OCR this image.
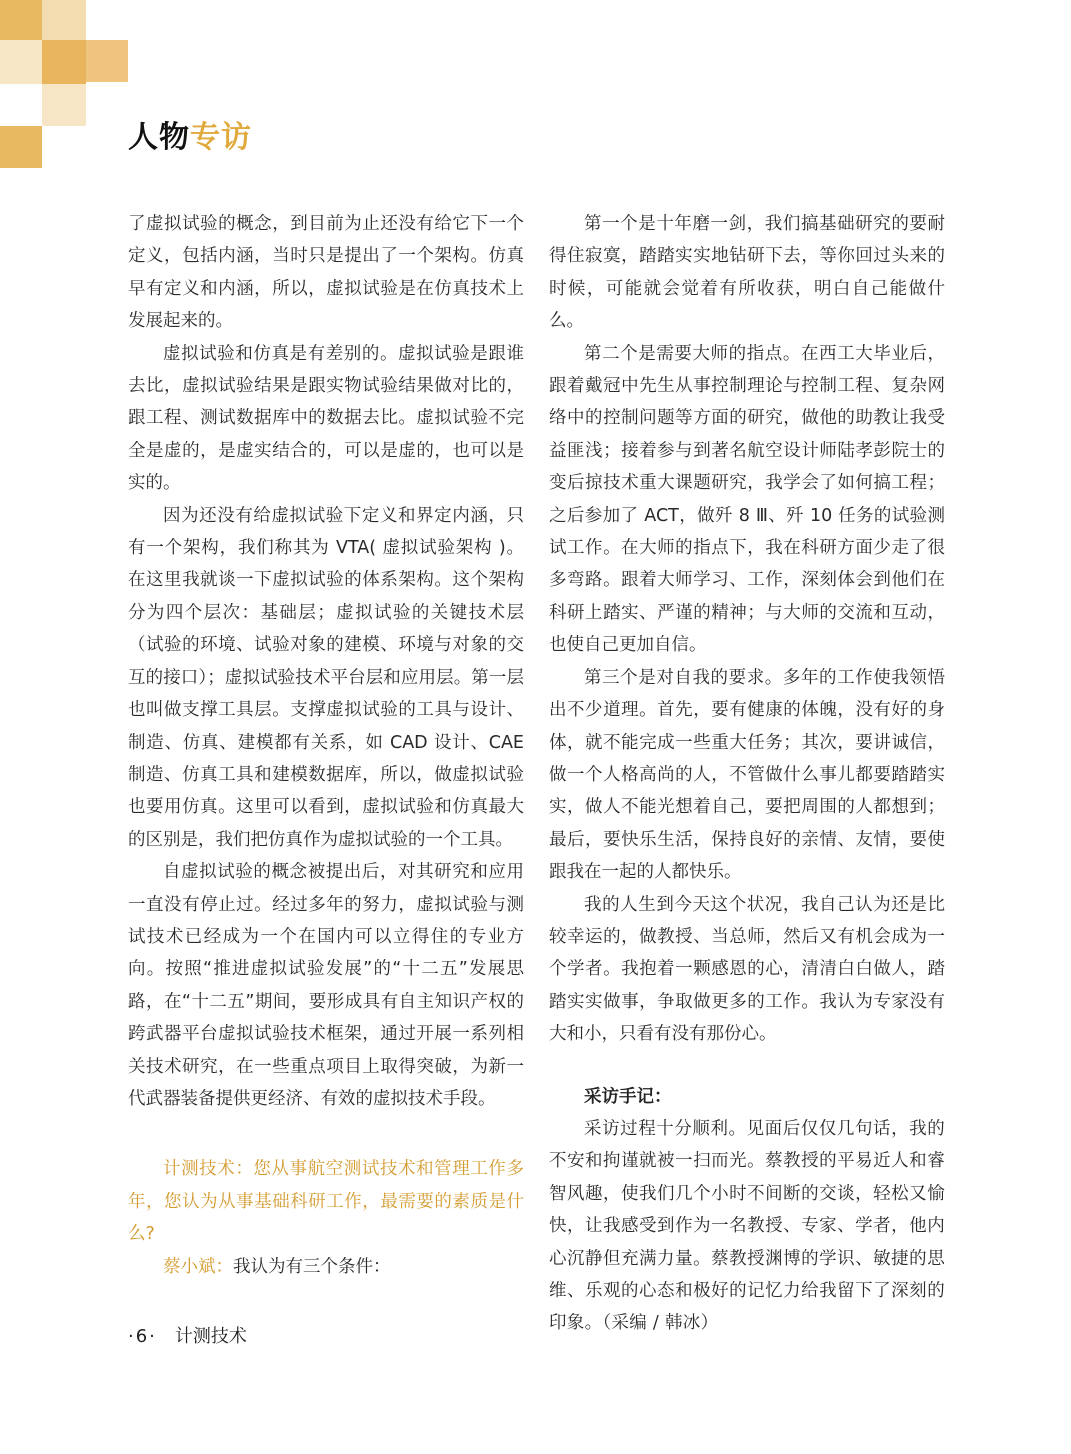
人物专访

了虚拟试验的概念，到目前为止还没有给它下一个定义，包括内涵，当时只是提出了一个架构。仿真早有定义和内涵，所以，虚拟试验是在仿真技术上发展起来的。

虚拟试验和仿真是有差别的。虚拟试验是跟谁去比，虚拟试验结果是跟实物试验结果做对比的，跟工程、测试数据库中的数据去比。虚拟试验不完全是虚的，是虚实结合的，可以是虚的，也可以是实的。

因为还没有给虚拟试验下定义和界定内涵，只有一个架构，我们称其为 VTA( 虚拟试验架构 )。在这里我就谈一下虚拟试验的体系架构。这个架构分为四个层次：基础层；虚拟试验的关键技术层（试验的环境、试验对象的建模、环境与对象的交互的接口）；虚拟试验技术平台层和应用层。第一层也叫做支撑工具层。支撑虚拟试验的工具与设计、制造、仿真、建模都有关系，如 CAD 设计、CAE 制造、仿真工具和建模数据库，所以，做虚拟试验也要用仿真。这里可以看到，虚拟试验和仿真最大的区别是，我们把仿真作为虚拟试验的一个工具。

自虚拟试验的概念被提出后，对其研究和应用一直没有停止过。经过多年的努力，虚拟试验与测试技术已经成为一个在国内可以立得住的专业方向。按照“推进虚拟试验发展”的“十二五”发展思路，在“十二五”期间，要形成具有自主知识产权的跨武器平台虚拟试验技术框架，通过开展一系列相关技术研究，在一些重点项目上取得突破，为新一代武器装备提供更经济、有效的虚拟技术手段。

计测技术：您从事航空测试技术和管理工作多年，您认为从事基础科研工作，最需要的素质是什么?

蔡小斌：我认为有三个条件：

第一个是十年磨一剑，我们搞基础研究的要耐得住寂寞，踏踏实实地钻研下去，等你回过头来的时候，可能就会觉着有所收获，明白自己能做什么。

第二个是需要大师的指点。在西工大毕业后，跟着戴冠中先生从事控制理论与控制工程、复杂网络中的控制问题等方面的研究，做他的助教让我受益匪浅；接着参与到著名航空设计师陆孝彭院士的变后掠技术重大课题研究，我学会了如何搞工程；之后参加了 ACT，做歼 8 Ⅲ、歼 10 任务的试验测试工作。在大师的指点下，我在科研方面少走了很多弯路。跟着大师学习、工作，深刻体会到他们在科研上踏实、严谨的精神；与大师的交流和互动，也使自己更加自信。

第三个是对自我的要求。多年的工作使我领悟出不少道理。首先，要有健康的体魄，没有好的身体，就不能完成一些重大任务；其次，要讲诚信，做一个人格高尚的人，不管做什么事儿都要踏踏实实，做人不能光想着自己，要把周围的人都想到；最后，要快乐生活，保持良好的亲情、友情，要使跟我在一起的人都快乐。

我的人生到今天这个状况，我自己认为还是比较幸运的，做教授、当总师，然后又有机会成为一个学者。我抱着一颗感恩的心，清清白白做人，踏踏实实做事，争取做更多的工作。我认为专家没有大和小，只看有没有那份心。

采访手记：

采访过程十分顺利。见面后仅仅几句话，我的不安和拘谨就被一扫而光。蔡教授的平易近人和睿智风趣，使我们几个小时不间断的交谈，轻松又愉快，让我感受到作为一名教授、专家、学者，他内心沉静但充满力量。蔡教授渊博的学识、敏捷的思维、乐观的心态和极好的记忆力给我留下了深刻的印象。（采编 / 韩冰）

·6· 计测技术
